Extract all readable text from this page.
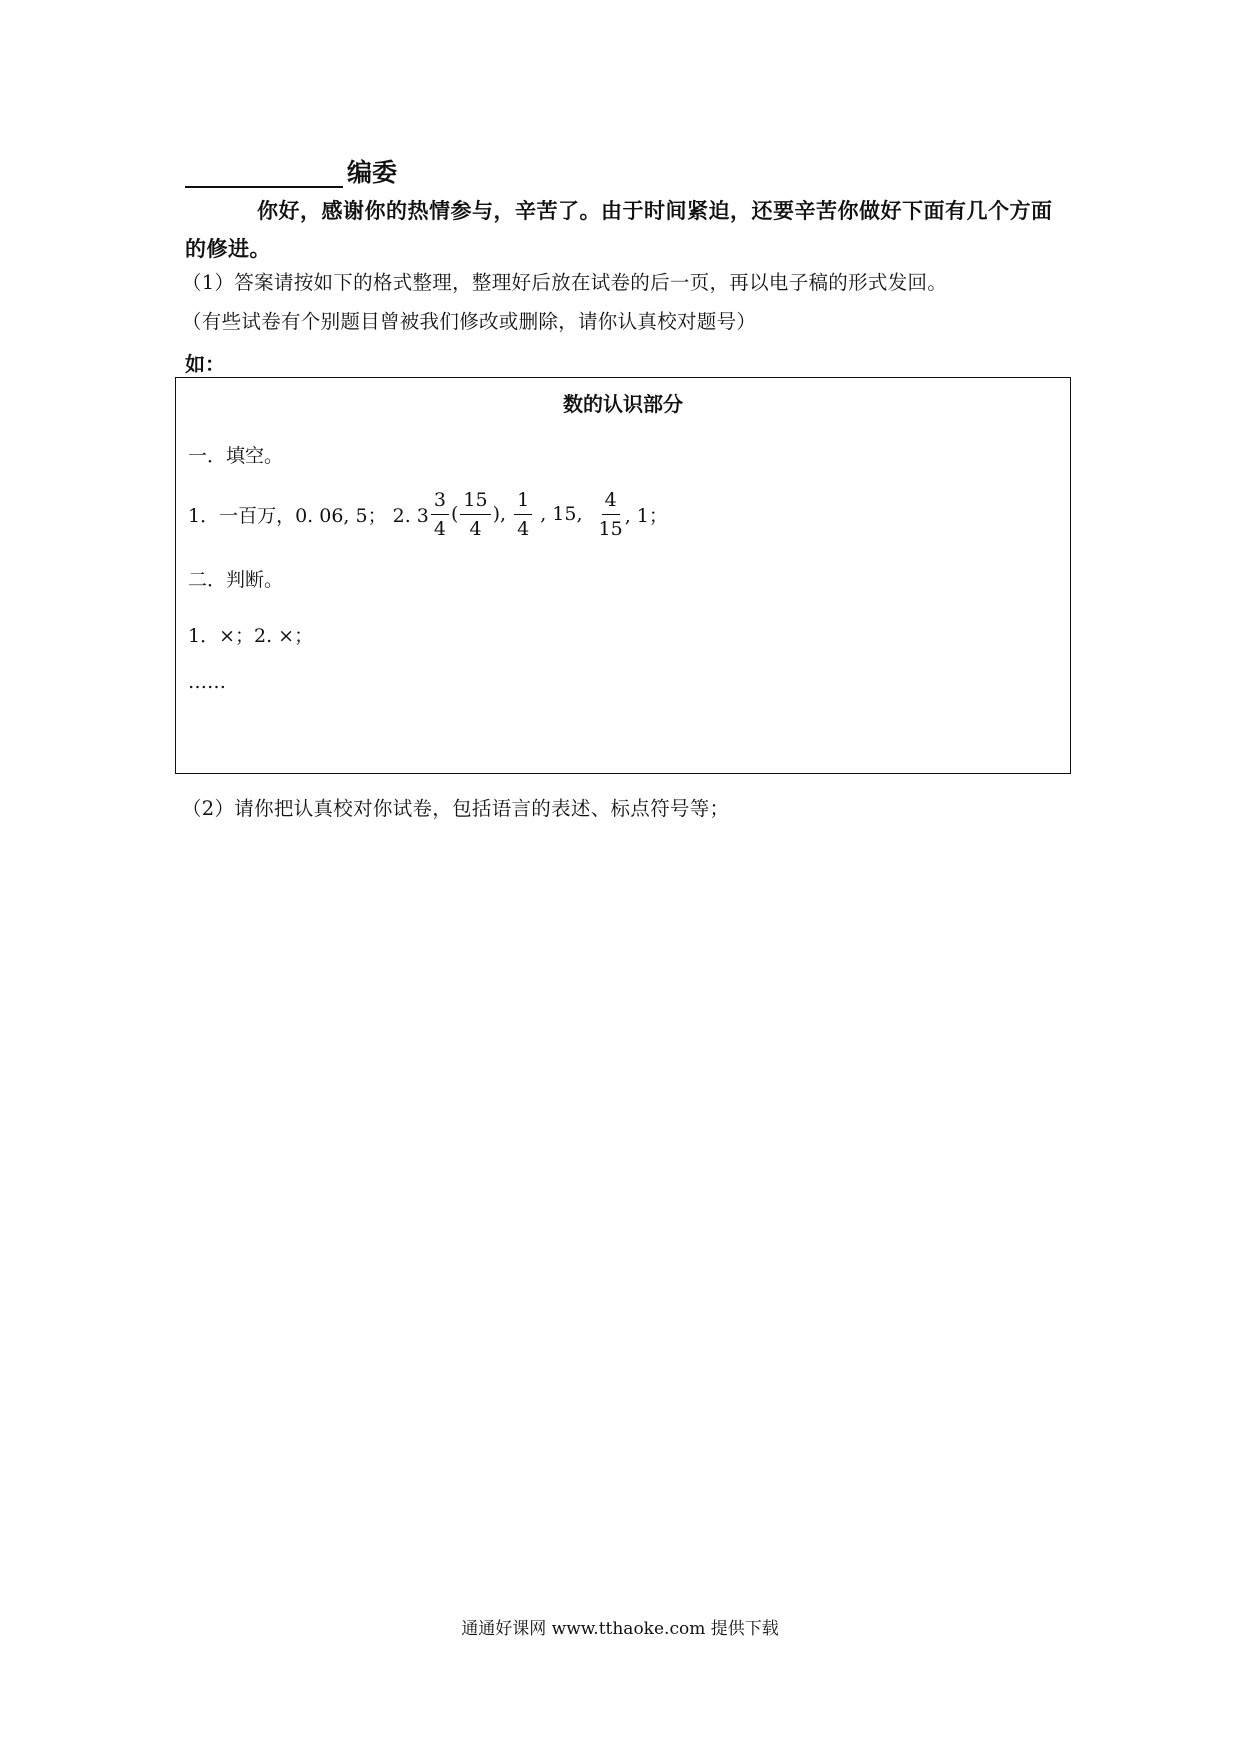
编委
你好，感谢你的热情参与，辛苦了。由于时间紧迫，还要辛苦你做好下面有几个方面的修进。
（1）答案请按如下的格式整理，整理好后放在试卷的后一页，再以电子稿的形式发回。
（有些试卷有个别题目曾被我们修改或删除，请你认真校对题号）
如：
数的认识部分
一．填空。
1．一百万，0. 06, 5； 2. $3 \frac{3}{4}$ ( $\frac{15}{4}$ ), $\frac{1}{4}$ , 15, $\frac{4}{15}$ , 1；
二．判断。
1．×；2. ×；
……
（2）请你把认真校对你试卷，包括语言的表述、标点符号等；
通通好课网 www.tthaoke.com 提供下载
